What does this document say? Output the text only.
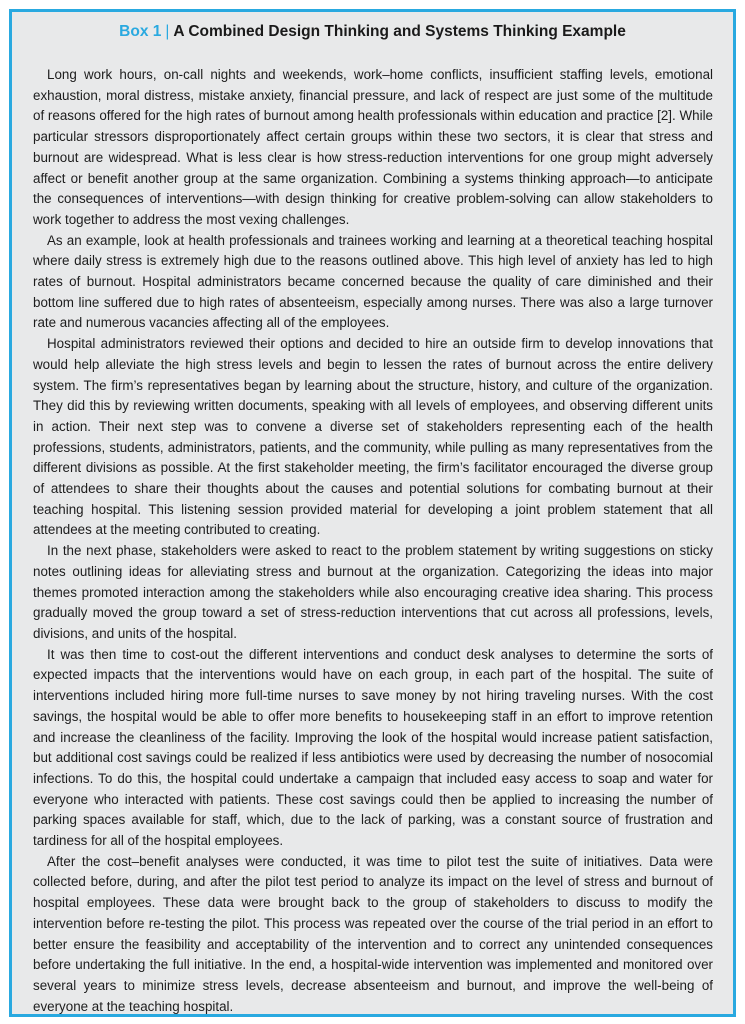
Box 1 | A Combined Design Thinking and Systems Thinking Example

Long work hours, on-call nights and weekends, work–home conflicts, insufficient staffing levels, emotional exhaustion, moral distress, mistake anxiety, financial pressure, and lack of respect are just some of the multitude of reasons offered for the high rates of burnout among health professionals within education and practice [2]. While particular stressors disproportionately affect certain groups within these two sectors, it is clear that stress and burnout are widespread. What is less clear is how stress-reduction interventions for one group might adversely affect or benefit another group at the same organization. Combining a systems thinking approach—to anticipate the consequences of interventions—with design thinking for creative problem-solving can allow stakeholders to work together to address the most vexing challenges.

As an example, look at health professionals and trainees working and learning at a theoretical teaching hospital where daily stress is extremely high due to the reasons outlined above. This high level of anxiety has led to high rates of burnout. Hospital administrators became concerned because the quality of care diminished and their bottom line suffered due to high rates of absenteeism, especially among nurses. There was also a large turnover rate and numerous vacancies affecting all of the employees.

Hospital administrators reviewed their options and decided to hire an outside firm to develop innovations that would help alleviate the high stress levels and begin to lessen the rates of burnout across the entire delivery system. The firm’s representatives began by learning about the structure, history, and culture of the organization. They did this by reviewing written documents, speaking with all levels of employees, and observing different units in action. Their next step was to convene a diverse set of stakeholders representing each of the health professions, students, administrators, patients, and the community, while pulling as many representatives from the different divisions as possible. At the first stakeholder meeting, the firm’s facilitator encouraged the diverse group of attendees to share their thoughts about the causes and potential solutions for combating burnout at their teaching hospital. This listening session provided material for developing a joint problem statement that all attendees at the meeting contributed to creating.

In the next phase, stakeholders were asked to react to the problem statement by writing suggestions on sticky notes outlining ideas for alleviating stress and burnout at the organization. Categorizing the ideas into major themes promoted interaction among the stakeholders while also encouraging creative idea sharing. This process gradually moved the group toward a set of stress-reduction interventions that cut across all professions, levels, divisions, and units of the hospital.

It was then time to cost-out the different interventions and conduct desk analyses to determine the sorts of expected impacts that the interventions would have on each group, in each part of the hospital. The suite of interventions included hiring more full-time nurses to save money by not hiring traveling nurses. With the cost savings, the hospital would be able to offer more benefits to housekeeping staff in an effort to improve retention and increase the cleanliness of the facility. Improving the look of the hospital would increase patient satisfaction, but additional cost savings could be realized if less antibiotics were used by decreasing the number of nosocomial infections. To do this, the hospital could undertake a campaign that included easy access to soap and water for everyone who interacted with patients. These cost savings could then be applied to increasing the number of parking spaces available for staff, which, due to the lack of parking, was a constant source of frustration and tardiness for all of the hospital employees.

After the cost–benefit analyses were conducted, it was time to pilot test the suite of initiatives. Data were collected before, during, and after the pilot test period to analyze its impact on the level of stress and burnout of hospital employees. These data were brought back to the group of stakeholders to discuss to modify the intervention before re-testing the pilot. This process was repeated over the course of the trial period in an effort to better ensure the feasibility and acceptability of the intervention and to correct any unintended consequences before undertaking the full initiative. In the end, a hospital-wide intervention was implemented and monitored over several years to minimize stress levels, decrease absenteeism and burnout, and improve the well-being of everyone at the teaching hospital.
